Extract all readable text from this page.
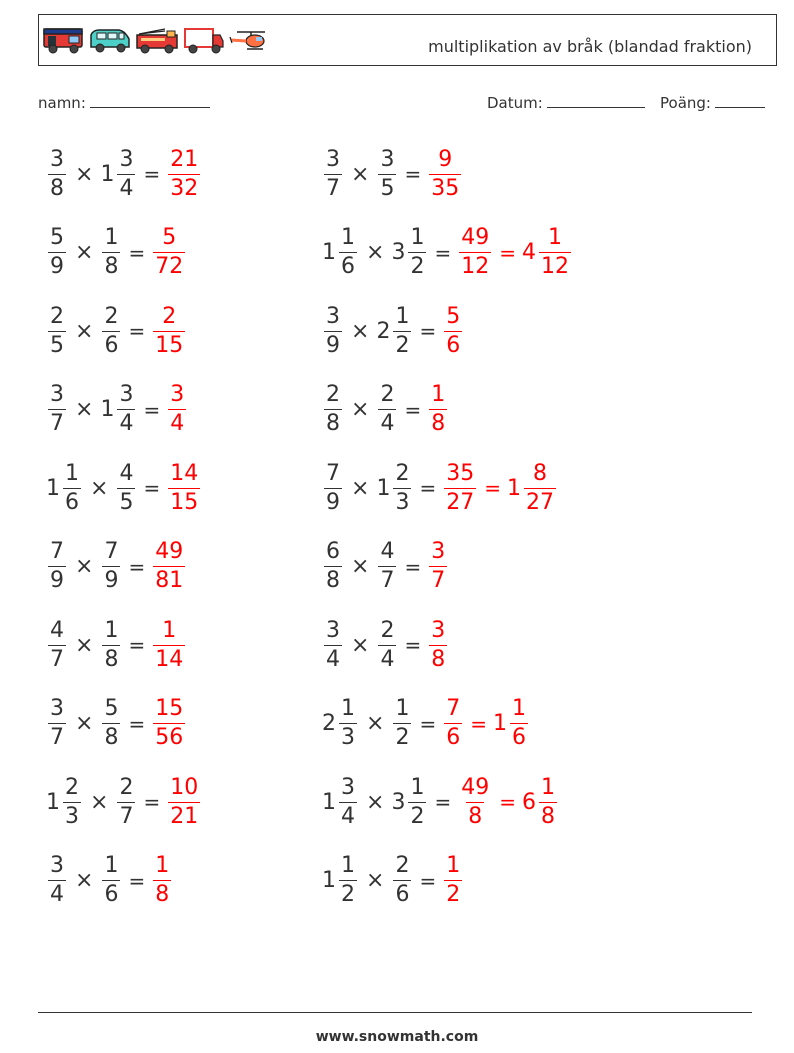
multiplikation av bråk (blandad fraktion)
namn:	Datum:	Poäng:
$\frac{3}{8} \times 1 \frac{3}{4} = \frac{21}{32}$	$\frac{3}{7} \times \frac{3}{5} = \frac{9}{35}$
$\frac{5}{9} \times \frac{1}{8} = \frac{5}{72}$	$1 \frac{1}{6} \times 3 \frac{1}{2} = \frac{49}{12} = 4 \frac{1}{12}$
$\frac{2}{5} \times \frac{2}{6} = \frac{2}{15}$	$\frac{3}{9} \times 2 \frac{1}{2} = \frac{5}{6}$
$\frac{3}{7} \times 1 \frac{3}{4} = \frac{3}{4}$	$\frac{2}{8} \times \frac{2}{4} = \frac{1}{8}$
$1 \frac{1}{6} \times \frac{4}{5} = \frac{14}{15}$	$\frac{7}{9} \times 1 \frac{2}{3} = \frac{35}{27} = 1 \frac{8}{27}$
$\frac{7}{9} \times \frac{7}{9} = \frac{49}{81}$	$\frac{6}{8} \times \frac{4}{7} = \frac{3}{7}$
$\frac{4}{7} \times \frac{1}{8} = \frac{1}{14}$	$\frac{3}{4} \times \frac{2}{4} = \frac{3}{8}$
$\frac{3}{7} \times \frac{5}{8} = \frac{15}{56}$	$2 \frac{1}{3} \times \frac{1}{2} = \frac{7}{6} = 1 \frac{1}{6}$
$1 \frac{2}{3} \times \frac{2}{7} = \frac{10}{21}$	$1 \frac{3}{4} \times 3 \frac{1}{2} = \frac{49}{8} = 6 \frac{1}{8}$
$\frac{3}{4} \times \frac{1}{6} = \frac{1}{8}$	$1 \frac{1}{2} \times \frac{2}{6} = \frac{1}{2}$
www.snowmath.com
